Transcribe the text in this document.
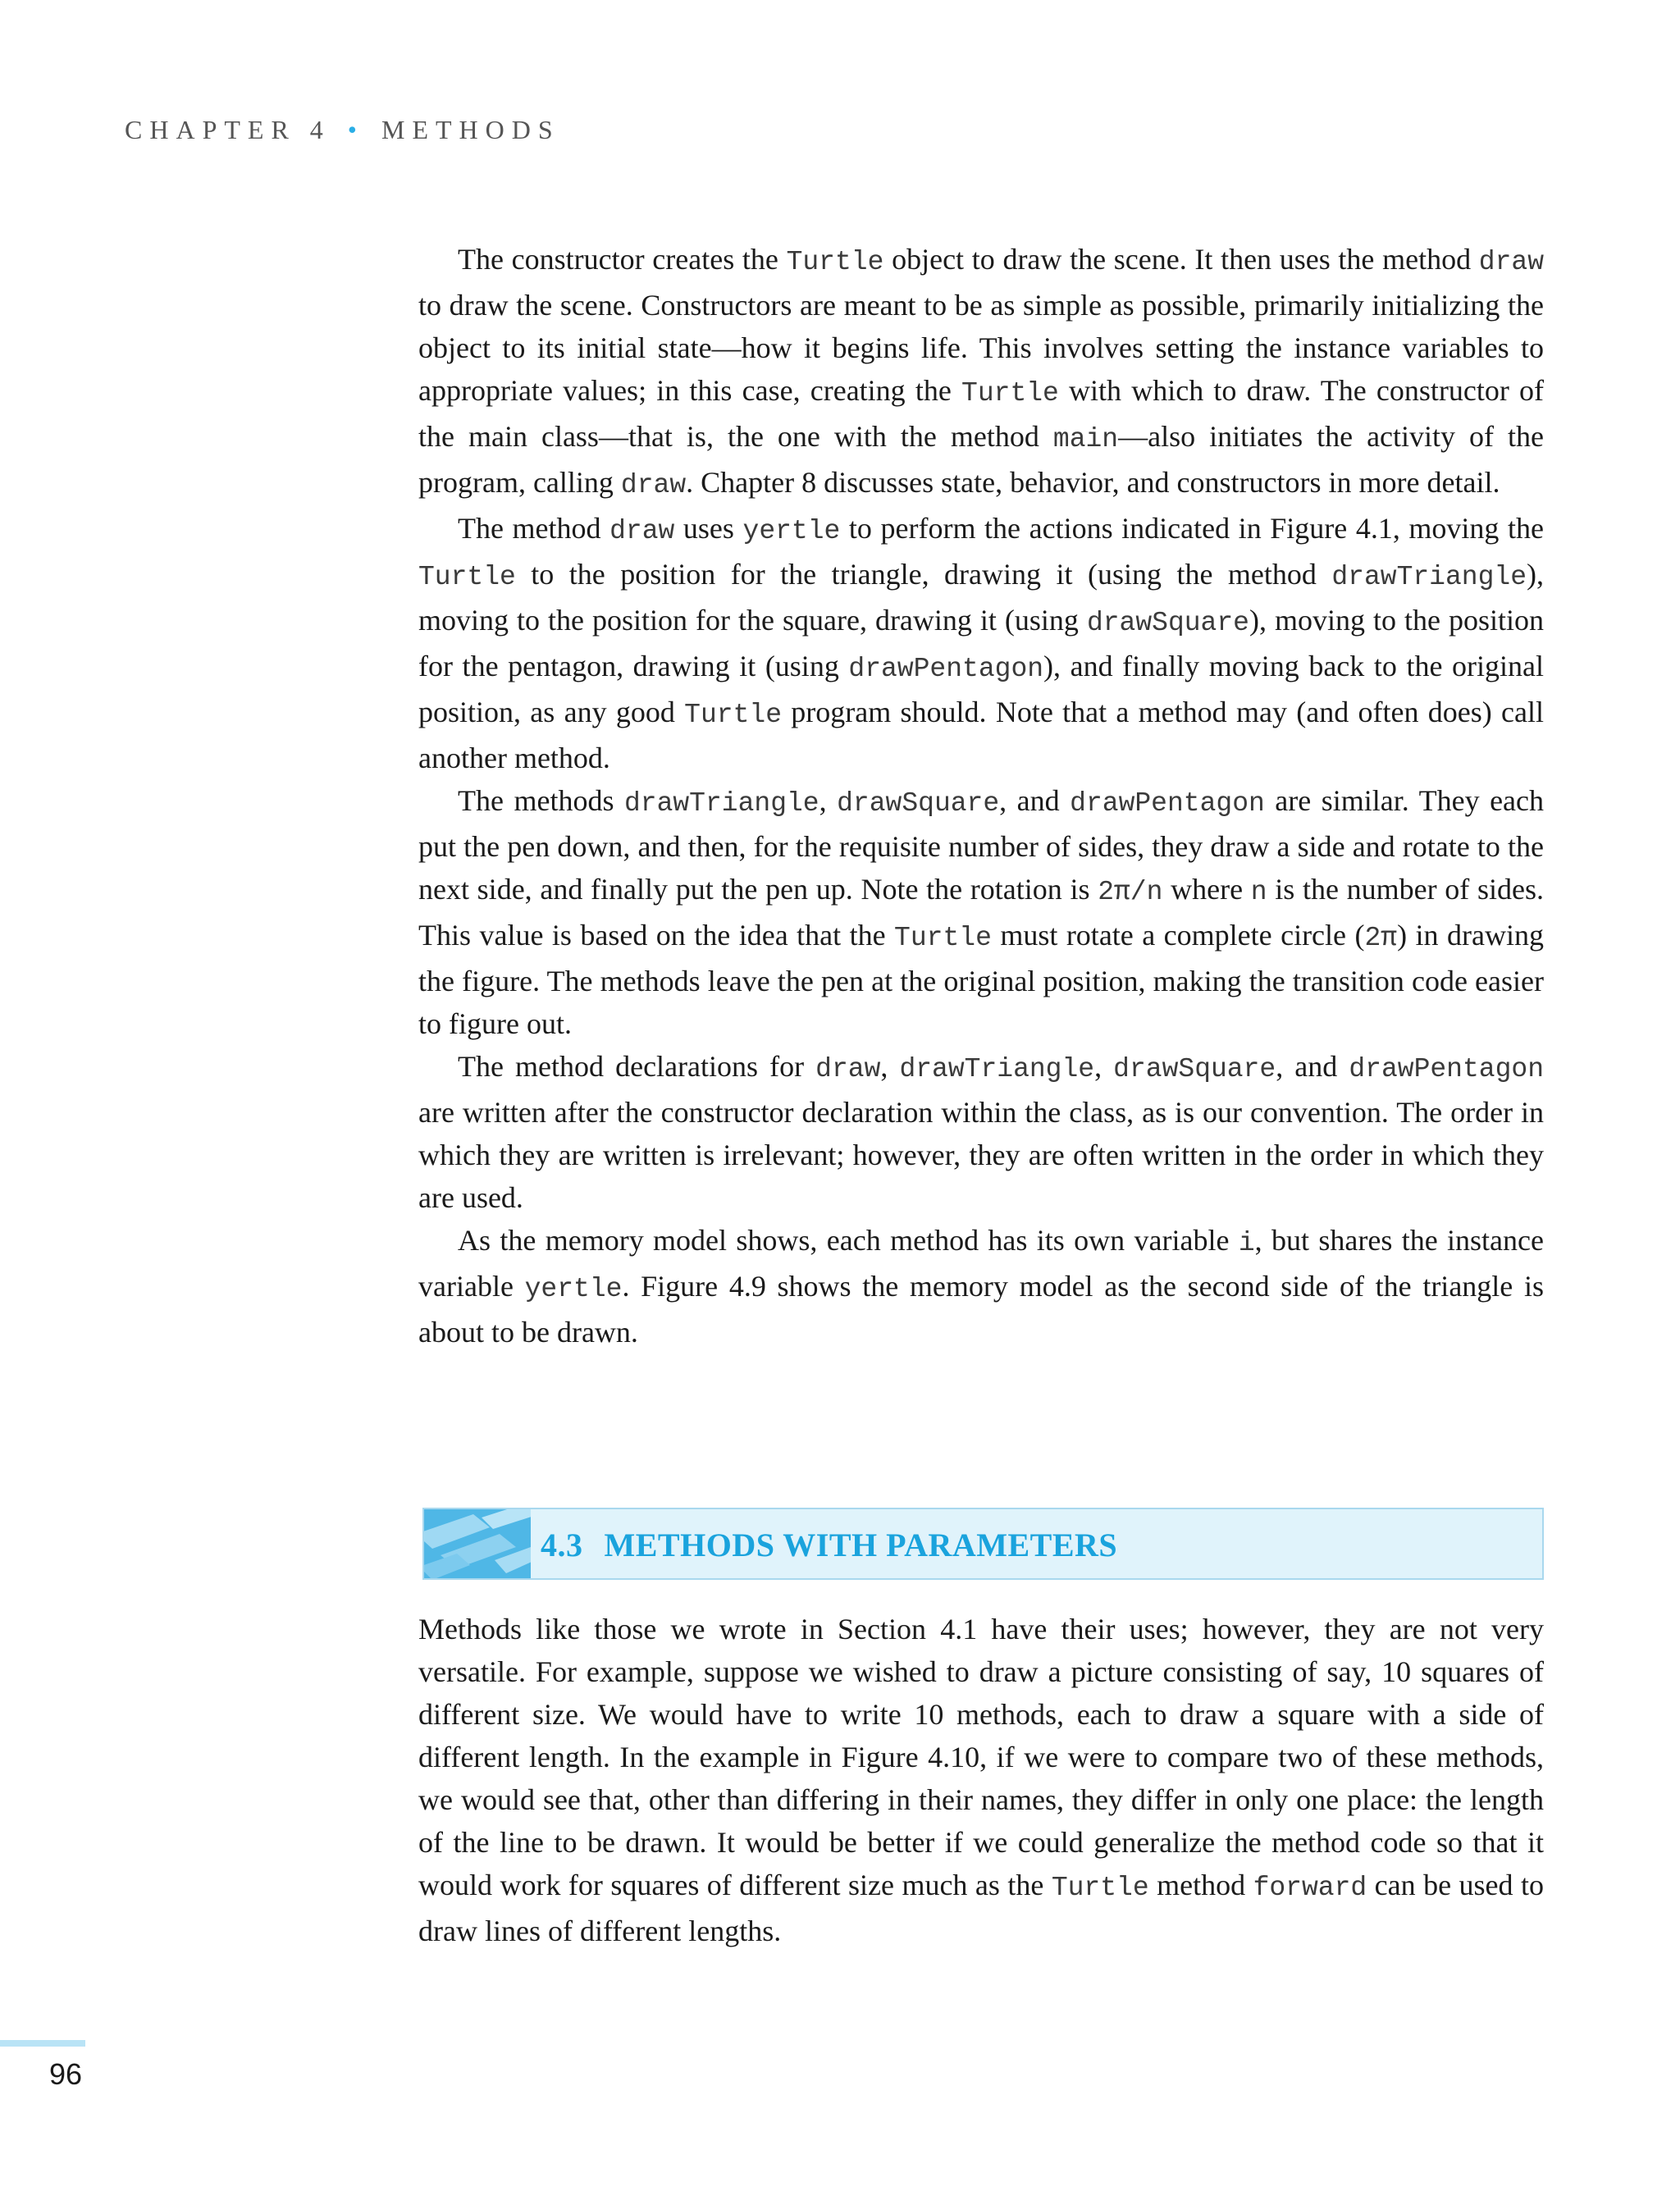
CHAPTER 4 • METHODS

The constructor creates the Turtle object to draw the scene. It then uses the method draw to draw the scene. Constructors are meant to be as simple as possible, primarily initializing the object to its initial state—how it begins life. This involves setting the instance variables to appropriate values; in this case, creating the Turtle with which to draw. The constructor of the main class—that is, the one with the method main—also initiates the activity of the program, calling draw. Chapter 8 discusses state, behavior, and constructors in more detail.

The method draw uses yertle to perform the actions indicated in Figure 4.1, moving the Turtle to the position for the triangle, drawing it (using the method drawTriangle), moving to the position for the square, drawing it (using drawSquare), moving to the position for the pentagon, drawing it (using drawPentagon), and finally moving back to the original position, as any good Turtle program should. Note that a method may (and often does) call another method.

The methods drawTriangle, drawSquare, and drawPentagon are similar. They each put the pen down, and then, for the requisite number of sides, they draw a side and rotate to the next side, and finally put the pen up. Note the rotation is 2π/n where n is the number of sides. This value is based on the idea that the Turtle must rotate a complete circle (2π) in drawing the figure. The methods leave the pen at the original position, making the transition code easier to figure out.

The method declarations for draw, drawTriangle, drawSquare, and drawPentagon are written after the constructor declaration within the class, as is our convention. The order in which they are written is irrelevant; however, they are often written in the order in which they are used.

As the memory model shows, each method has its own variable i, but shares the instance variable yertle. Figure 4.9 shows the memory model as the second side of the triangle is about to be drawn.

4.3 METHODS WITH PARAMETERS

Methods like those we wrote in Section 4.1 have their uses; however, they are not very versatile. For example, suppose we wished to draw a picture consisting of say, 10 squares of different size. We would have to write 10 methods, each to draw a square with a side of different length. In the example in Figure 4.10, if we were to compare two of these methods, we would see that, other than differing in their names, they differ in only one place: the length of the line to be drawn. It would be better if we could generalize the method code so that it would work for squares of different size much as the Turtle method forward can be used to draw lines of different lengths.

96
